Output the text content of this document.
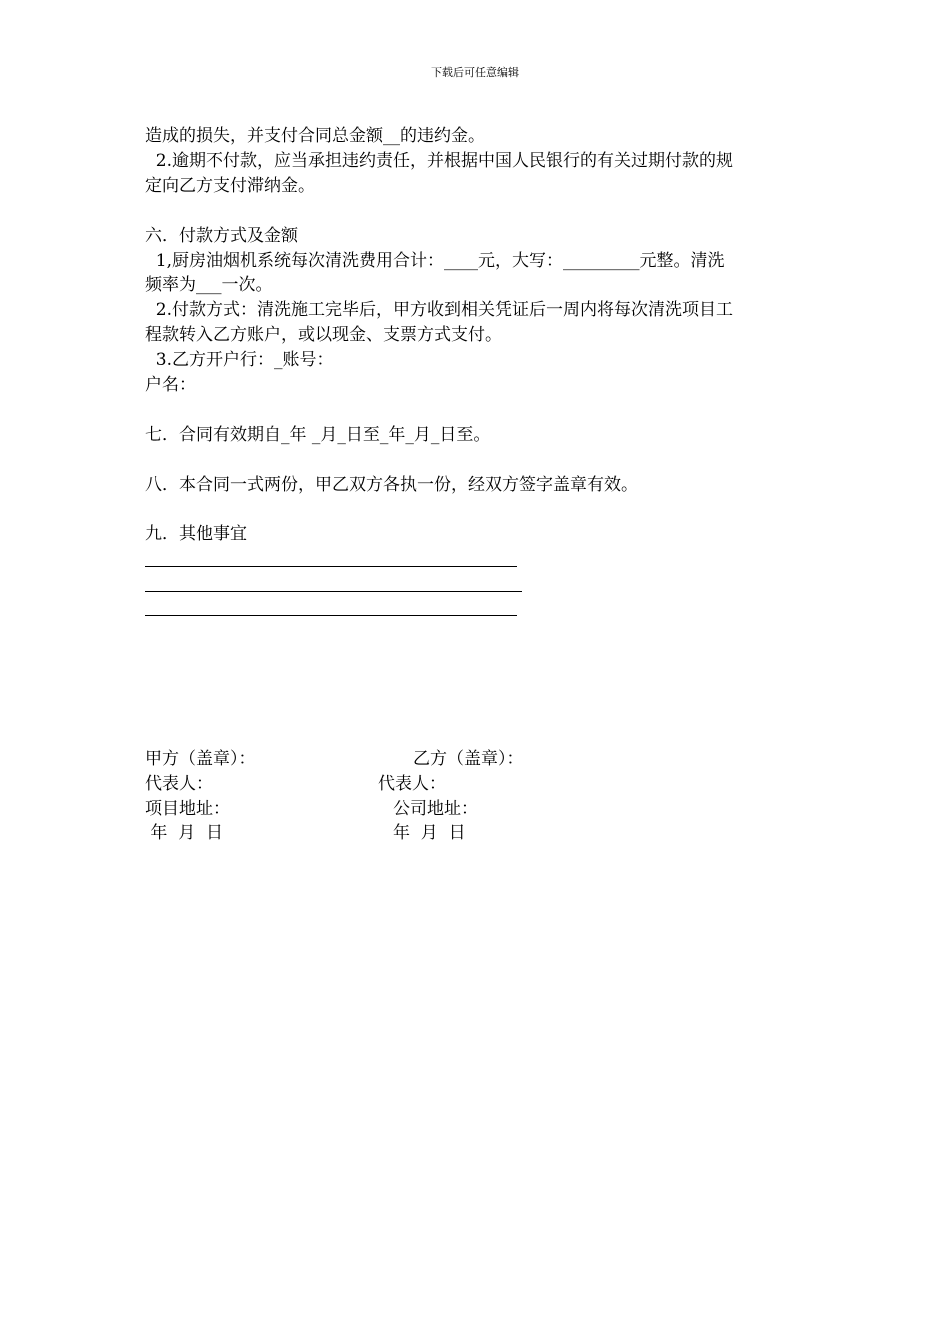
下载后可任意编辑
造成的损失，并支付合同总金额__的违约金。
2.逾期不付款，应当承担违约责任，并根据中国人民银行的有关过期付款的规
定向乙方支付滞纳金。
六．付款方式及金额
1,厨房油烟机系统每次清洗费用合计：____元，大写：_________元整。清洗
频率为___一次。
2.付款方式：清洗施工完毕后，甲方收到相关凭证后一周内将每次清洗项目工
程款转入乙方账户，或以现金、支票方式支付。
3.乙方开户行：_账号：
户名：
七．合同有效期自_年 _月_日至_年_月_日至。
八．本合同一式两份，甲乙双方各执一份，经双方签字盖章有效。
九．其他事宜
甲方（盖章）：	乙方（盖章）：
代表人：	代表人：
项目地址：	公司地址：
年  月  日	年  月  日
